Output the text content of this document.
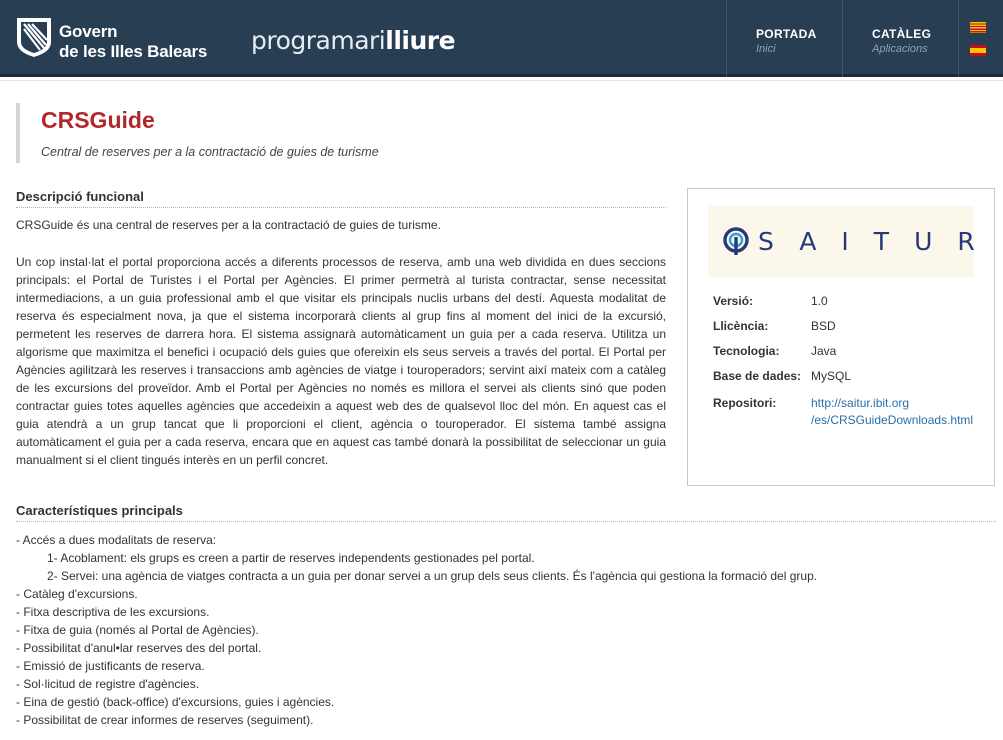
Govern
de les Illes Balears programarilliure	PORTADA
Inici
CATÀLEG
Aplicacions
CRSGuide
Central de reserves per a la contractació de guies de turisme
Descripció funcional
CRSGuide és una central de reserves per a la contractació de guies de turisme.
Un cop instal·lat el portal proporciona accés a diferents processos de reserva, amb una web dividida en dues seccions principals: el Portal de Turistes i el Portal per Agències. El primer permetrà al turista contractar, sense necessitat intermediacions, a un guia professional amb el que visitar els principals nuclis urbans del destí. Aquesta modalitat de reserva és especialment nova, ja que el sistema incorporarà clients al grup fins al moment del inici de la excursió, permetent les reserves de darrera hora. El sistema assignarà automàticament un guia per a cada reserva. Utilitza un algorisme que maximitza el benefici i ocupació dels guies que ofereixin els seus serveis a través del portal. El Portal per Agències agilitzarà les reserves i transaccions amb agències de viatge i touroperadors; servint així mateix com a catàleg de les excursions del proveïdor. Amb el Portal per Agències no només es millora el servei als clients sinó que poden contractar guies totes aquelles agències que accedeixin a aquest web des de qualsevol lloc del món. En aquest cas el guia atendrà a un grup tancat que li proporcioni el client, agència o touroperador. El sistema també assigna automàticament el guia per a cada reserva, encara que en aquest cas també donarà la possibilitat de seleccionar un guia manualment si el client tingués interès en un perfil concret.
SAITUR
Versió:	1.0
Llicència:	BSD
Tecnologia:	Java
Base de dades: MySQL
Repositori:	http://saitur.ibit.org
/es/CRSGuideDownloads.html
Característiques principals
- Accés a dues modalitats de reserva:
1- Acoblament: els grups es creen a partir de reserves independents gestionades pel portal.
2- Servei: una agència de viatges contracta a un guia per donar servei a un grup dels seus clients. És l'agència qui gestiona la formació del grup.
- Catàleg d'excursions.
- Fitxa descriptiva de les excursions.
- Fitxa de guia (només al Portal de Agències).
- Possibilitat d'anul•lar reserves des del portal.
- Emissió de justificants de reserva.
- Sol·licitud de registre d'agències.
- Eina de gestió (back-office) d'excursions, guies i agències.
- Possibilitat de crear informes de reserves (seguiment).
